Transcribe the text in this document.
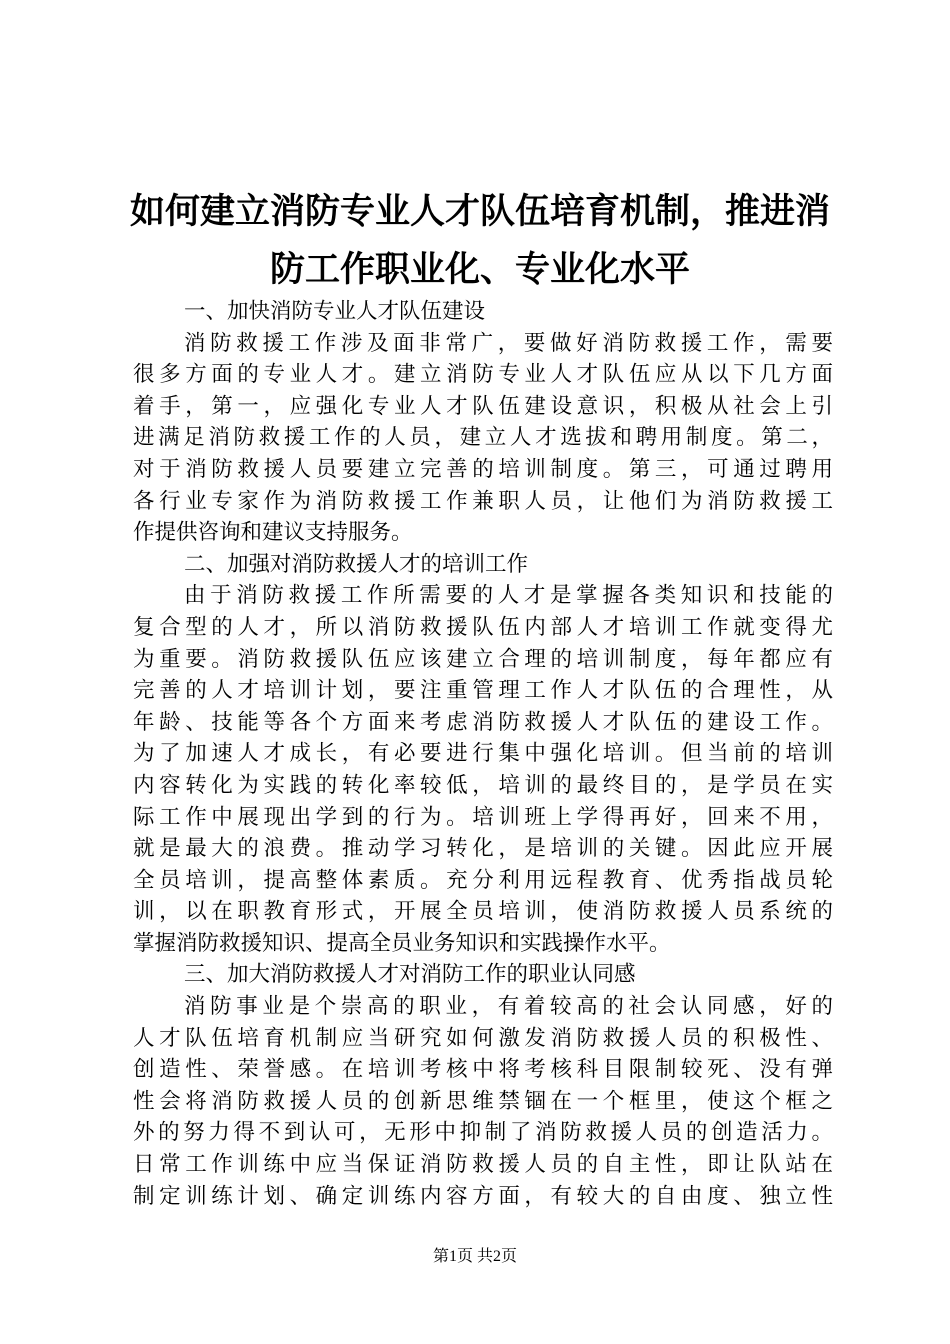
如何建立消防专业人才队伍培育机制，推进消
防工作职业化、专业化水平
一、加快消防专业人才队伍建设
消防救援工作涉及面非常广，要做好消防救援工作，需要
很多方面的专业人才。建立消防专业人才队伍应从以下几方面
着手，第一，应强化专业人才队伍建设意识，积极从社会上引
进满足消防救援工作的人员，建立人才选拔和聘用制度。第二，
对于消防救援人员要建立完善的培训制度。第三，可通过聘用
各行业专家作为消防救援工作兼职人员，让他们为消防救援工
作提供咨询和建议支持服务。
二、加强对消防救援人才的培训工作
由于消防救援工作所需要的人才是掌握各类知识和技能的
复合型的人才，所以消防救援队伍内部人才培训工作就变得尤
为重要。消防救援队伍应该建立合理的培训制度，每年都应有
完善的人才培训计划，要注重管理工作人才队伍的合理性，从
年龄、技能等各个方面来考虑消防救援人才队伍的建设工作。
为了加速人才成长，有必要进行集中强化培训。但当前的培训
内容转化为实践的转化率较低，培训的最终目的，是学员在实
际工作中展现出学到的行为。培训班上学得再好，回来不用，
就是最大的浪费。推动学习转化，是培训的关键。因此应开展
全员培训，提高整体素质。充分利用远程教育、优秀指战员轮
训，以在职教育形式，开展全员培训，使消防救援人员系统的
掌握消防救援知识、提高全员业务知识和实践操作水平。
三、加大消防救援人才对消防工作的职业认同感
消防事业是个崇高的职业，有着较高的社会认同感，好的
人才队伍培育机制应当研究如何激发消防救援人员的积极性、
创造性、荣誉感。在培训考核中将考核科目限制较死、没有弹
性会将消防救援人员的创新思维禁锢在一个框里，使这个框之
外的努力得不到认可，无形中抑制了消防救援人员的创造活力。
日常工作训练中应当保证消防救援人员的自主性，即让队站在
制定训练计划、确定训练内容方面，有较大的自由度、独立性
第1页 共2页
